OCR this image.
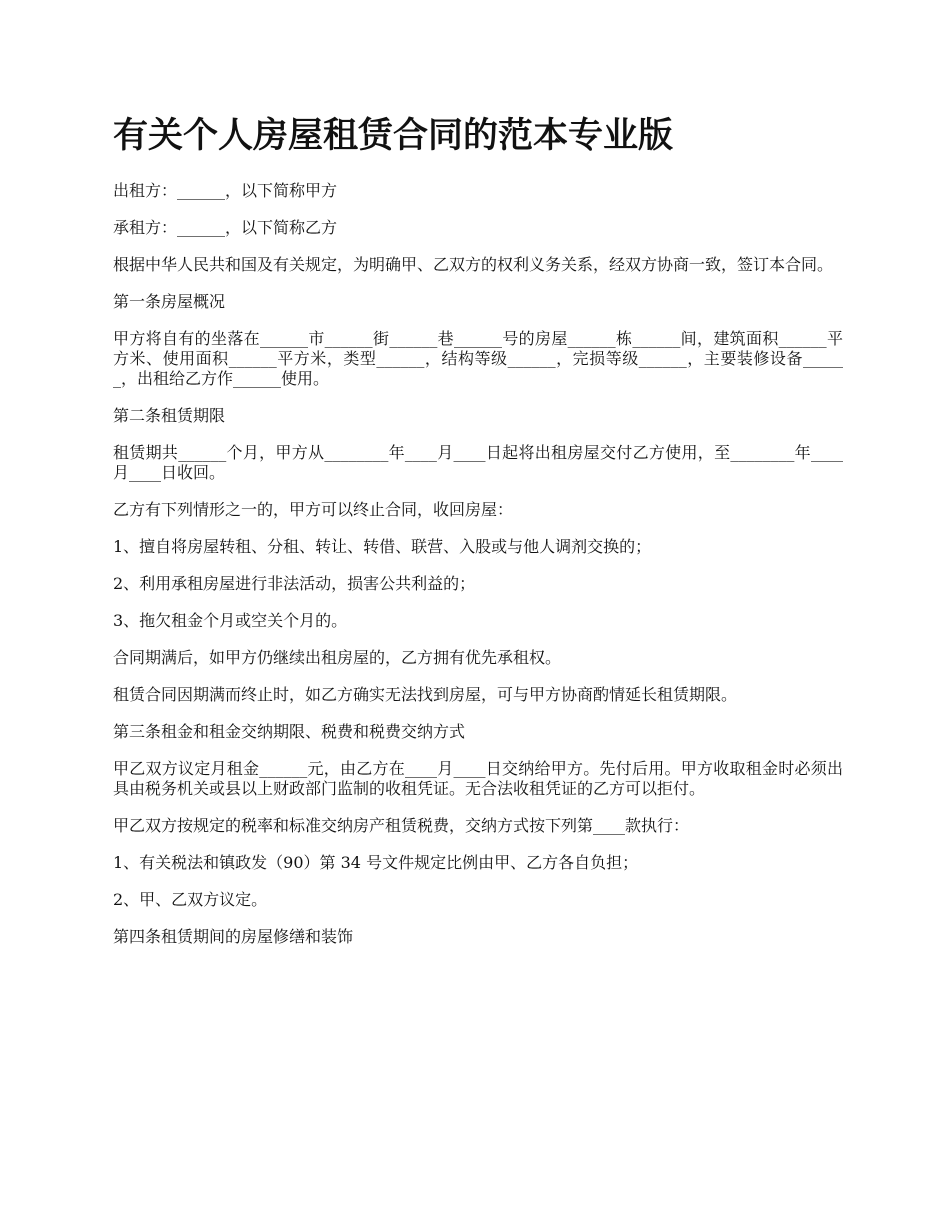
有关个人房屋租赁合同的范本专业版

出租方：______，以下简称甲方

承租方：______，以下简称乙方

根据中华人民共和国及有关规定，为明确甲、乙双方的权利义务关系，经双方协商一致，签订本合同。

第一条房屋概况

甲方将自有的坐落在______市______街______巷______号的房屋______栋______间，建筑面积______平方米、使用面积______平方米，类型______，结构等级______，完损等级______，主要装修设备______，出租给乙方作______使用。

第二条租赁期限

租赁期共______个月，甲方从________年____月____日起将出租房屋交付乙方使用，至________年____月____日收回。

乙方有下列情形之一的，甲方可以终止合同，收回房屋：

1、擅自将房屋转租、分租、转让、转借、联营、入股或与他人调剂交换的；

2、利用承租房屋进行非法活动，损害公共利益的；

3、拖欠租金个月或空关个月的。

合同期满后，如甲方仍继续出租房屋的，乙方拥有优先承租权。

租赁合同因期满而终止时，如乙方确实无法找到房屋，可与甲方协商酌情延长租赁期限。

第三条租金和租金交纳期限、税费和税费交纳方式

甲乙双方议定月租金______元，由乙方在____月____日交纳给甲方。先付后用。甲方收取租金时必须出具由税务机关或县以上财政部门监制的收租凭证。无合法收租凭证的乙方可以拒付。

甲乙双方按规定的税率和标准交纳房产租赁税费，交纳方式按下列第____款执行：

1、有关税法和镇政发（90）第 34 号文件规定比例由甲、乙方各自负担；

2、甲、乙双方议定。

第四条租赁期间的房屋修缮和装饰
